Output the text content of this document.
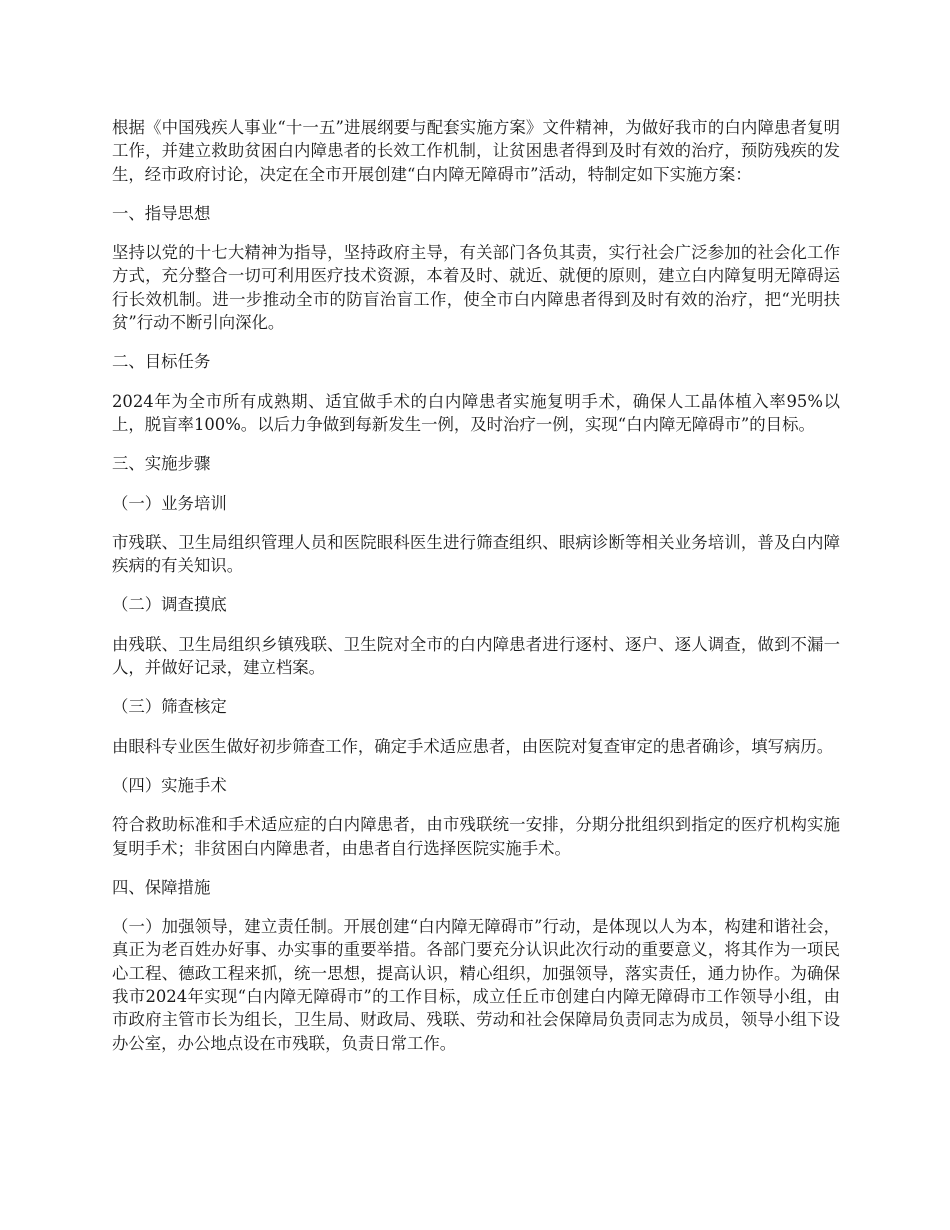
根据《中国残疾人事业“十一五”进展纲要与配套实施方案》文件精神，为做好我市的白内障患者复明工作，并建立救助贫困白内障患者的长效工作机制，让贫困患者得到及时有效的治疗，预防残疾的发生，经市政府讨论，决定在全市开展创建“白内障无障碍市”活动，特制定如下实施方案：

一、指导思想

坚持以党的十七大精神为指导，坚持政府主导，有关部门各负其责，实行社会广泛参加的社会化工作方式，充分整合一切可利用医疗技术资源，本着及时、就近、就便的原则，建立白内障复明无障碍运行长效机制。进一步推动全市的防盲治盲工作，使全市白内障患者得到及时有效的治疗，把“光明扶贫”行动不断引向深化。

二、目标任务

2024年为全市所有成熟期、适宜做手术的白内障患者实施复明手术，确保人工晶体植入率95%以上，脱盲率100%。以后力争做到每新发生一例，及时治疗一例，实现“白内障无障碍市”的目标。

三、实施步骤

（一）业务培训

市残联、卫生局组织管理人员和医院眼科医生进行筛查组织、眼病诊断等相关业务培训，普及白内障疾病的有关知识。

（二）调查摸底

由残联、卫生局组织乡镇残联、卫生院对全市的白内障患者进行逐村、逐户、逐人调查，做到不漏一人，并做好记录，建立档案。

（三）筛查核定

由眼科专业医生做好初步筛查工作，确定手术适应患者，由医院对复查审定的患者确诊，填写病历。

（四）实施手术

符合救助标准和手术适应症的白内障患者，由市残联统一安排，分期分批组织到指定的医疗机构实施复明手术；非贫困白内障患者，由患者自行选择医院实施手术。

四、保障措施

（一）加强领导，建立责任制。开展创建“白内障无障碍市”行动，是体现以人为本，构建和谐社会，真正为老百姓办好事、办实事的重要举措。各部门要充分认识此次行动的重要意义，将其作为一项民心工程、德政工程来抓，统一思想，提高认识，精心组织，加强领导，落实责任，通力协作。为确保我市2024年实现“白内障无障碍市”的工作目标，成立任丘市创建白内障无障碍市工作领导小组，由市政府主管市长为组长，卫生局、财政局、残联、劳动和社会保障局负责同志为成员，领导小组下设办公室，办公地点设在市残联，负责日常工作。
